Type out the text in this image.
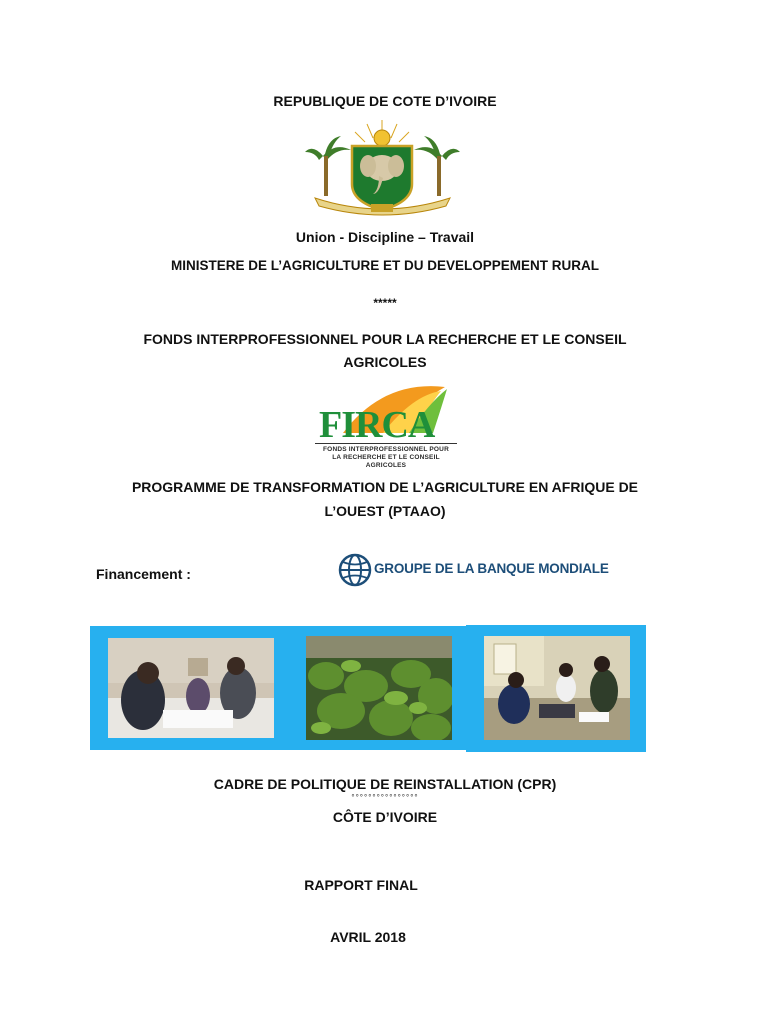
REPUBLIQUE DE COTE D’IVOIRE
Union - Discipline – Travail
MINISTERE DE L’AGRICULTURE ET DU DEVELOPPEMENT RURAL
*****
FONDS INTERPROFESSIONNEL POUR LA RECHERCHE ET LE CONSEIL
AGRICOLES
FIRCA
FONDS INTERPROFESSIONNEL POUR
LA RECHERCHE ET LE CONSEIL AGRICOLES
PROGRAMME DE TRANSFORMATION DE L’AGRICULTURE EN AFRIQUE DE
L’OUEST (PTAAO)
Financement :	GROUPE DE LA BANQUE MONDIALE
CADRE DE POLITIQUE DE REINSTALLATION (CPR)
°°°°°°°°°°°°°°°°
CÔTE D’IVOIRE
RAPPORT FINAL
AVRIL 2018
